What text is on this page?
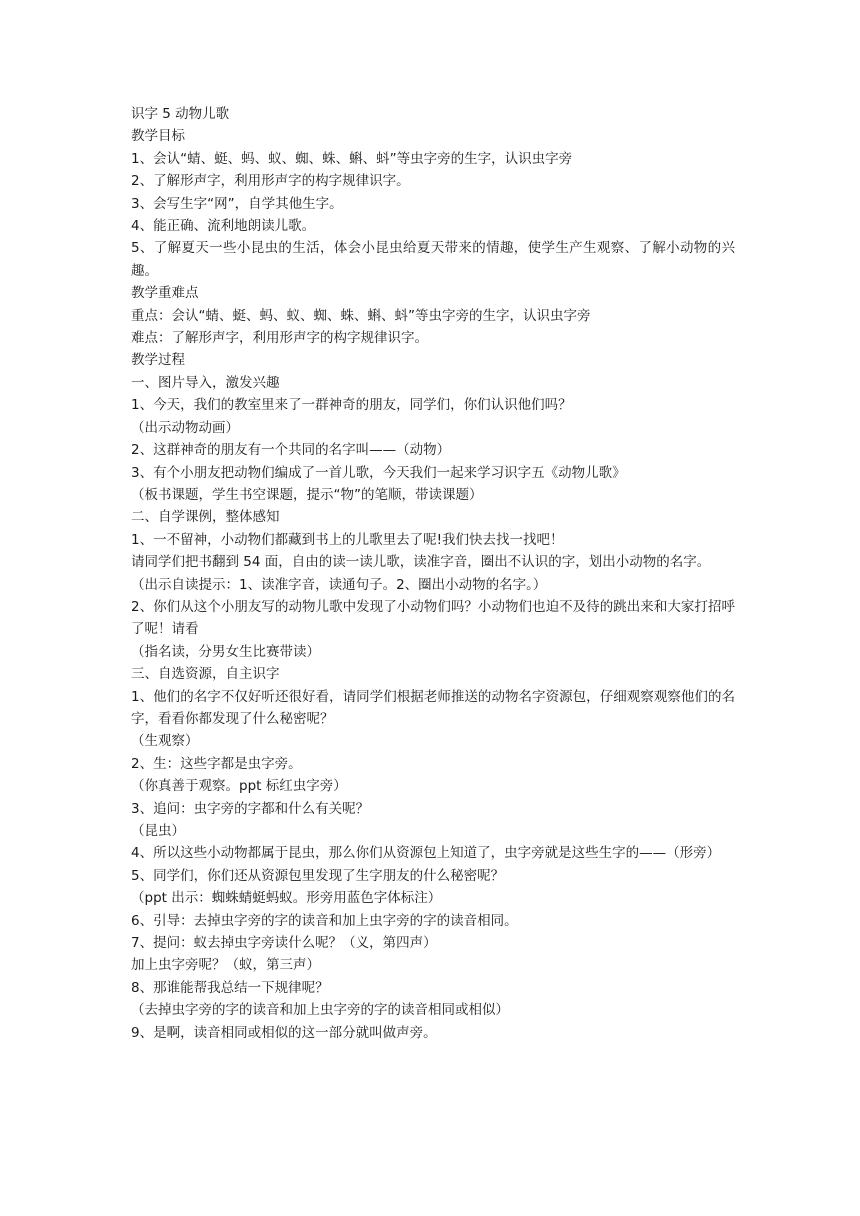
识字 5 动物儿歌
教学目标
1、会认“蜻、蜓、蚂、蚁、蜘、蛛、蝌、蚪”等虫字旁的生字，认识虫字旁
2、了解形声字，利用形声字的构字规律识字。
3、会写生字“网”，自学其他生字。
4、能正确、流利地朗读儿歌。
5、了解夏天一些小昆虫的生活，体会小昆虫给夏天带来的情趣，使学生产生观察、了解小动物的兴趣。
教学重难点
重点：会认“蜻、蜓、蚂、蚁、蜘、蛛、蝌、蚪”等虫字旁的生字，认识虫字旁
难点：了解形声字，利用形声字的构字规律识字。
教学过程
一、图片导入，激发兴趣
1、今天，我们的教室里来了一群神奇的朋友，同学们，你们认识他们吗？
（出示动物动画）
2、这群神奇的朋友有一个共同的名字叫——（动物）
3、有个小朋友把动物们编成了一首儿歌，今天我们一起来学习识字五《动物儿歌》
（板书课题，学生书空课题，提示“物”的笔顺，带读课题）
二、自学课例，整体感知
1、一不留神，小动物们都藏到书上的儿歌里去了呢!我们快去找一找吧！
请同学们把书翻到 54 面，自由的读一读儿歌，读准字音，圈出不认识的字，划出小动物的名字。
（出示自读提示：1、读准字音，读通句子。2、圈出小动物的名字。）
2、你们从这个小朋友写的动物儿歌中发现了小动物们吗？小动物们也迫不及待的跳出来和大家打招呼了呢！请看
（指名读，分男女生比赛带读）
三、自选资源，自主识字
1、他们的名字不仅好听还很好看，请同学们根据老师推送的动物名字资源包，仔细观察观察他们的名字，看看你都发现了什么秘密呢？
（生观察）
2、生：这些字都是虫字旁。
（你真善于观察。ppt 标红虫字旁）
3、追问：虫字旁的字都和什么有关呢？
（昆虫）
4、所以这些小动物都属于昆虫，那么你们从资源包上知道了，虫字旁就是这些生字的——（形旁）
5、同学们，你们还从资源包里发现了生字朋友的什么秘密呢？
（ppt 出示：蜘蛛蜻蜓蚂蚁。形旁用蓝色字体标注）
6、引导：去掉虫字旁的字的读音和加上虫字旁的字的读音相同。
7、提问：蚁去掉虫字旁读什么呢？（义，第四声）
加上虫字旁呢？（蚁，第三声）
8、那谁能帮我总结一下规律呢？
（去掉虫字旁的字的读音和加上虫字旁的字的读音相同或相似）
9、是啊，读音相同或相似的这一部分就叫做声旁。
